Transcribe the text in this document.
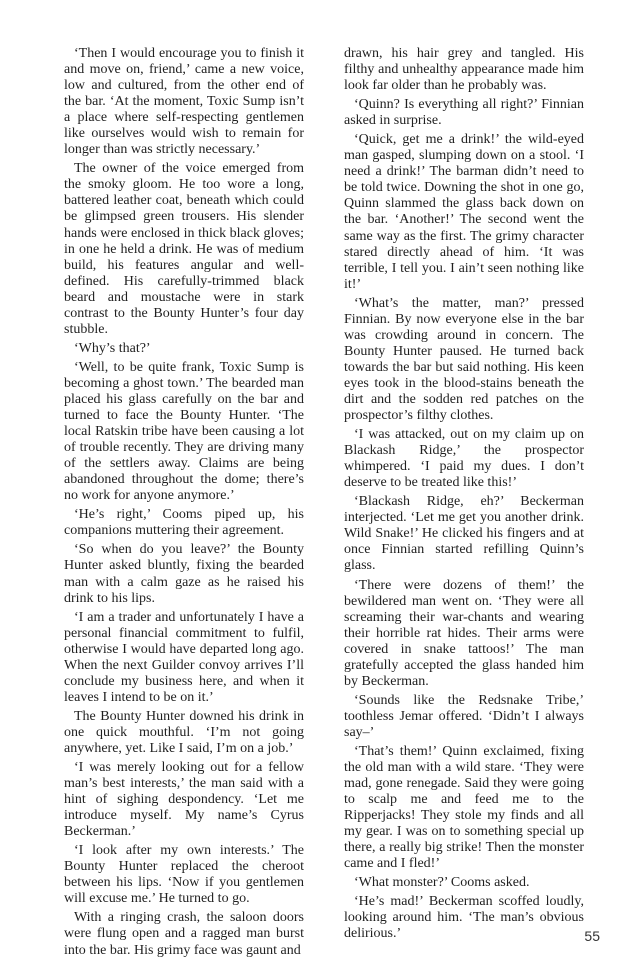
‘Then I would encourage you to finish it and move on, friend,’ came a new voice, low and cultured, from the other end of the bar. ‘At the moment, Toxic Sump isn’t a place where self-respecting gentlemen like ourselves would wish to remain for longer than was strictly necessary.’

The owner of the voice emerged from the smoky gloom. He too wore a long, battered leather coat, beneath which could be glimpsed green trousers. His slender hands were enclosed in thick black gloves; in one he held a drink. He was of medium build, his features angular and well-defined. His carefully-trimmed black beard and moustache were in stark contrast to the Bounty Hunter’s four day stubble.

‘Why’s that?’

‘Well, to be quite frank, Toxic Sump is becoming a ghost town.’ The bearded man placed his glass carefully on the bar and turned to face the Bounty Hunter. ‘The local Ratskin tribe have been causing a lot of trouble recently. They are driving many of the settlers away. Claims are being abandoned throughout the dome; there’s no work for anyone anymore.’

‘He’s right,’ Cooms piped up, his companions muttering their agreement.

‘So when do you leave?’ the Bounty Hunter asked bluntly, fixing the bearded man with a calm gaze as he raised his drink to his lips.

‘I am a trader and unfortunately I have a personal financial commitment to fulfil, otherwise I would have departed long ago. When the next Guilder convoy arrives I’ll conclude my business here, and when it leaves I intend to be on it.’

The Bounty Hunter downed his drink in one quick mouthful. ‘I’m not going anywhere, yet. Like I said, I’m on a job.’

‘I was merely looking out for a fellow man’s best interests,’ the man said with a hint of sighing despondency. ‘Let me introduce myself. My name’s Cyrus Beckerman.’

‘I look after my own interests.’ The Bounty Hunter replaced the cheroot between his lips. ‘Now if you gentlemen will excuse me.’ He turned to go.

With a ringing crash, the saloon doors were flung open and a ragged man burst into the bar. His grimy face was gaunt and

drawn, his hair grey and tangled. His filthy and unhealthy appearance made him look far older than he probably was.

‘Quinn? Is everything all right?’ Finnian asked in surprise.

‘Quick, get me a drink!’ the wild-eyed man gasped, slumping down on a stool. ‘I need a drink!’ The barman didn’t need to be told twice. Downing the shot in one go, Quinn slammed the glass back down on the bar. ‘Another!’ The second went the same way as the first. The grimy character stared directly ahead of him. ‘It was terrible, I tell you. I ain’t seen nothing like it!’

‘What’s the matter, man?’ pressed Finnian. By now everyone else in the bar was crowding around in concern. The Bounty Hunter paused. He turned back towards the bar but said nothing. His keen eyes took in the blood-stains beneath the dirt and the sodden red patches on the prospector’s filthy clothes.

‘I was attacked, out on my claim up on Blackash Ridge,’ the prospector whimpered. ‘I paid my dues. I don’t deserve to be treated like this!’

‘Blackash Ridge, eh?’ Beckerman interjected. ‘Let me get you another drink. Wild Snake!’ He clicked his fingers and at once Finnian started refilling Quinn’s glass.

‘There were dozens of them!’ the bewildered man went on. ‘They were all screaming their war-chants and wearing their horrible rat hides. Their arms were covered in snake tattoos!’ The man gratefully accepted the glass handed him by Beckerman.

‘Sounds like the Redsnake Tribe,’ toothless Jemar offered. ‘Didn’t I always say–’

‘That’s them!’ Quinn exclaimed, fixing the old man with a wild stare. ‘They were mad, gone renegade. Said they were going to scalp me and feed me to the Ripperjacks! They stole my finds and all my gear. I was on to something special up there, a really big strike! Then the monster came and I fled!’

‘What monster?’ Cooms asked.

‘He’s mad!’ Beckerman scoffed loudly, looking around him. ‘The man’s obvious delirious.’	55
